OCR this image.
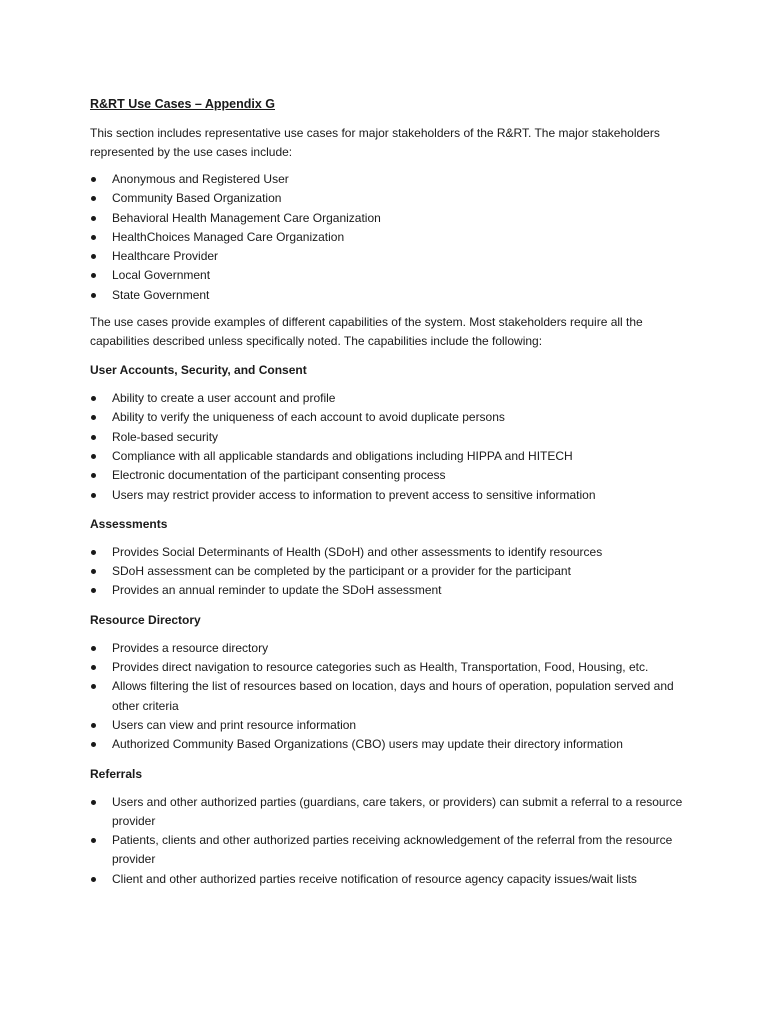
R&RT Use Cases – Appendix G

This section includes representative use cases for major stakeholders of the R&RT. The major stakeholders represented by the use cases include:

Anonymous and Registered User
Community Based Organization
Behavioral Health Management Care Organization
HealthChoices Managed Care Organization
Healthcare Provider
Local Government
State Government

The use cases provide examples of different capabilities of the system. Most stakeholders require all the capabilities described unless specifically noted. The capabilities include the following:

User Accounts, Security, and Consent
Ability to create a user account and profile
Ability to verify the uniqueness of each account to avoid duplicate persons
Role-based security
Compliance with all applicable standards and obligations including HIPPA and HITECH
Electronic documentation of the participant consenting process
Users may restrict provider access to information to prevent access to sensitive information
Assessments
Provides Social Determinants of Health (SDoH) and other assessments to identify resources
SDoH assessment can be completed by the participant or a provider for the participant
Provides an annual reminder to update the SDoH assessment
Resource Directory
Provides a resource directory
Provides direct navigation to resource categories such as Health, Transportation, Food, Housing, etc.
Allows filtering the list of resources based on location, days and hours of operation, population served and other criteria
Users can view and print resource information
Authorized Community Based Organizations (CBO) users may update their directory information
Referrals
Users and other authorized parties (guardians, care takers, or providers) can submit a referral to a resource provider
Patients, clients and other authorized parties receiving acknowledgement of the referral from the resource provider
Client and other authorized parties receive notification of resource agency capacity issues/wait lists
